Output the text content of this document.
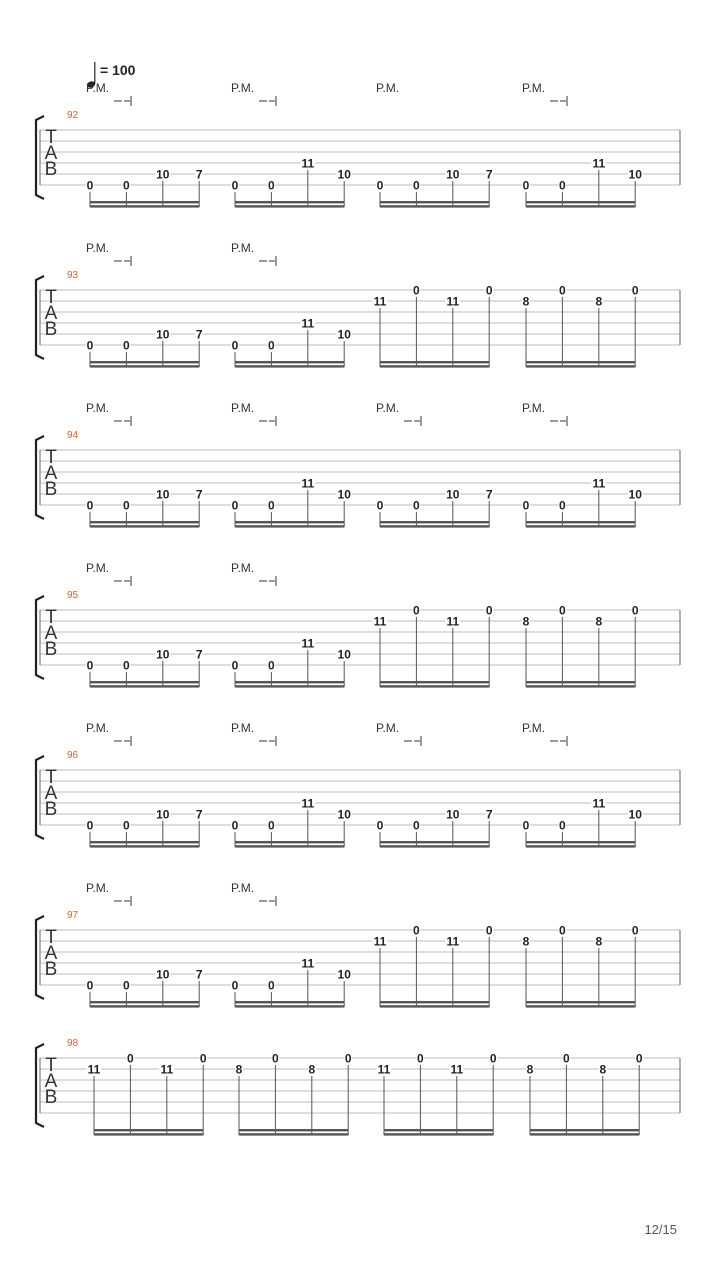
= 100
92
T
A
B
0 0
10 7
0 0
11
10
0 0
10 7
0 0
11
10
P.M.	P.M.	P.M.	P.M.
93
T
A
B
0 0
10 7
0 0
11
10
11
0
11
0
8
0
8
0
P.M.	P.M.
94
T
A
B
0 0
10 7
0 0
11
10
0 0
10 7
0 0
11
10
P.M.	P.M.	P.M.	P.M.
95
T
A
B
0 0
10 7
0 0
11
10
11
0
11
0
8
0
8
0
P.M.	P.M.
96
T
A
B
0 0
10 7
0 0
11
10
0 0
10 7
0 0
11
10
P.M.	P.M.	P.M.	P.M.
97
T
A
B
0 0
10 7
0 0
11
10
11
0
11
0
8
0
8
0
P.M.	P.M.
98
T
A
B
11
0
11
0
8
0
8
0
11
0
11
0
8
0
8
0
12/15
